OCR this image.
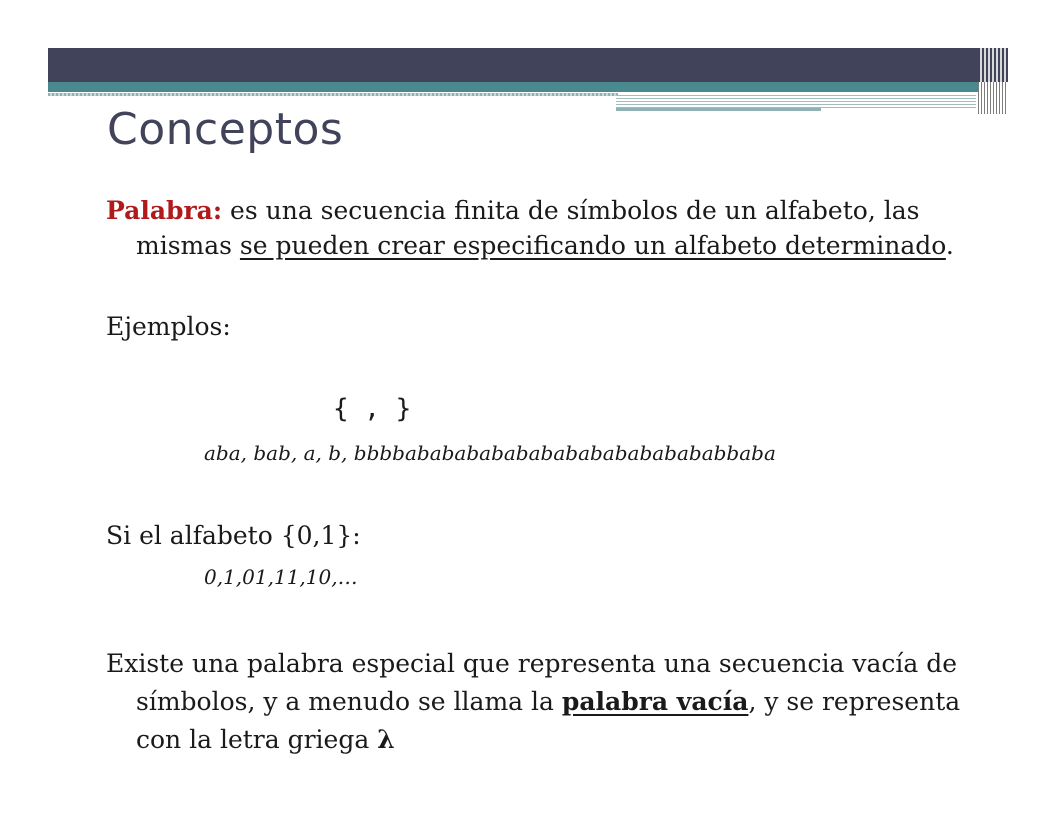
Conceptos

Palabra: es una secuencia finita de símbolos de un alfabeto, las mismas se pueden crear especificando un alfabeto determinado.

Ejemplos:
{ , }
aba, bab, a, b, bbbbabababababababababababababbaba
Si el alfabeto {0,1}:
0,1,01,11,10,…

Existe una palabra especial que representa una secuencia vacía de símbolos, y a menudo se llama la palabra vacía, y se representa con la letra griega λ
